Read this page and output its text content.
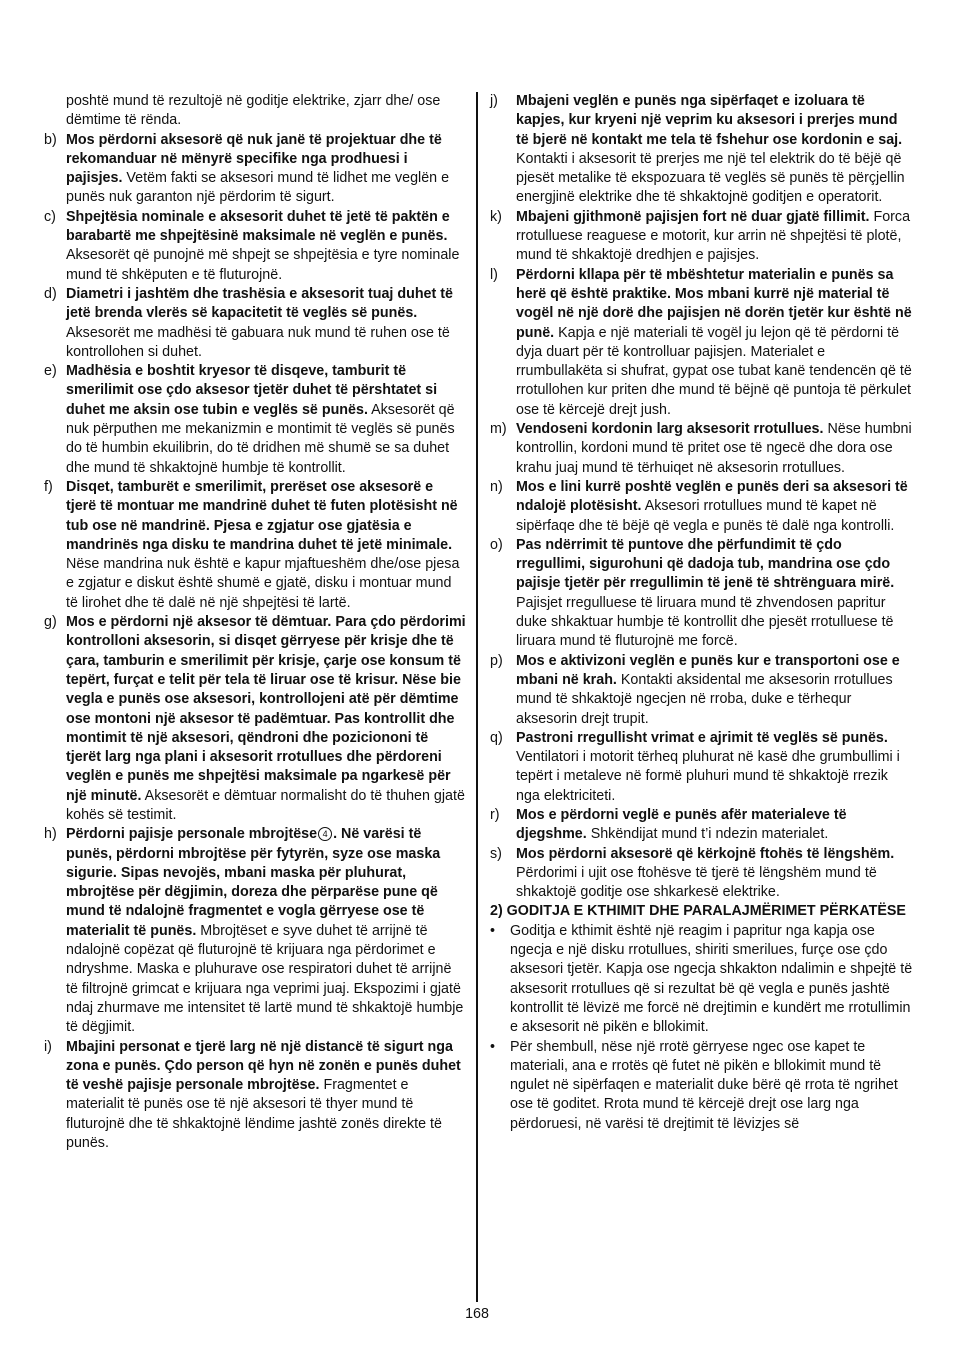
poshtë mund të rezultojë në goditje elektrike, zjarr dhe/ ose dëmtime të rënda.
b) Mos përdorni aksesorë që nuk janë të projektuar dhe të rekomanduar në mënyrë specifike nga prodhuesi i pajisjes. Vetëm fakti se aksesori mund të lidhet me veglën e punës nuk garanton një përdorim të sigurt.
c) Shpejtësia nominale e aksesorit duhet të jetë të paktën e barabartë me shpejtësinë maksimale në veglën e punës. Aksesorët që punojnë më shpejt se shpejtësia e tyre nominale mund të shkëputen e të fluturojnë.
d) Diametri i jashtëm dhe trashësia e aksesorit tuaj duhet të jetë brenda vlerës së kapacitetit të veglës së punës. Aksesorët me madhësi të gabuara nuk mund të ruhen ose të kontrollohen si duhet.
e) Madhësia e boshtit kryesor të disqeve, tamburit të smerilimit ose çdo aksesor tjetër duhet të përshtatet si duhet me aksin ose tubin e veglës së punës. Aksesorët që nuk përputhen me mekanizmin e montimit të veglës së punës do të humbin ekuilibrin, do të dridhen më shumë se sa duhet dhe mund të shkaktojnë humbje të kontrollit.
f) Disqet, tamburët e smerilimit, prerëset ose aksesorë e tjerë të montuar me mandrinë duhet të futen plotësisht në tub ose në mandrinë. Pjesa e zgjatur ose gjatësia e mandrinës nga disku te mandrina duhet të jetë minimale. Nëse mandrina nuk është e kapur mjaftueshëm dhe/ose pjesa e zgjatur e diskut është shumë e gjatë, disku i montuar mund të lirohet dhe të dalë në një shpejtësi të lartë.
g) Mos e përdorni një aksesor të dëmtuar. Para çdo përdorimi kontrolloni aksesorin, si disqet gërryese për krisje dhe të çara, tamburin e smerilimit për krisje, çarje ose konsum të tepërt, furçat e telit për tela të liruar ose të krisur. Nëse bie vegla e punës ose aksesori, kontrollojeni atë për dëmtime ose montoni një aksesor të padëmtuar. Pas kontrollit dhe montimit të një aksesori, qëndroni dhe poziciononi të tjerët larg nga plani i aksesorit rrotullues dhe përdoreni veglën e punës me shpejtësi maksimale pa ngarkesë për një minutë. Aksesorët e dëmtuar normalisht do të thuhen gjatë kohës së testimit.
h) Përdorni pajisje personale mbrojtëse 4 . Në varësi të punës, përdorni mbrojtëse për fytyrën, syze ose maska sigurie. Sipas nevojës, mbani maska për pluhurat, mbrojtëse për dëgjimin, doreza dhe përparëse pune që mund të ndalojnë fragmentet e vogla gërryese ose të materialit të punës. Mbrojtëset e syve duhet të arrijnë të ndalojnë copëzat që fluturojnë të krijuara nga përdorimet e ndryshme. Maska e pluhurave ose respiratori duhet të arrijnë të filtrojnë grimcat e krijuara nga veprimi juaj. Ekspozimi i gjatë ndaj zhurmave me intensitet të lartë mund të shkaktojë humbje të dëgjimit.
i) Mbajini personat e tjerë larg në një distancë të sigurt nga zona e punës. Çdo person që hyn në zonën e punës duhet të veshë pajisje personale mbrojtëse. Fragmentet e materialit të punës ose të një aksesori të thyer mund të fluturojnë dhe të shkaktojnë lëndime jashtë zonës direkte të punës.
j) Mbajeni veglën e punës nga sipërfaqet e izoluara të kapjes, kur kryeni një veprim ku aksesori i prerjes mund të bjerë në kontakt me tela të fshehur ose kordonin e saj. Kontakti i aksesorit të prerjes me një tel elektrik do të bëjë që pjesët metalike të ekspozuara të veglës së punës të përçjellin energjinë elektrike dhe të shkaktojnë goditjen e operatorit.
k) Mbajeni gjithmonë pajisjen fort në duar gjatë fillimit. Forca rrotulluese reaguese e motorit, kur arrin në shpejtësi të plotë, mund të shkaktojë dredhjen e pajisjes.
l) Përdorni kllapa për të mbështetur materialin e punës sa herë që është praktike. Mos mbani kurrë një material të vogël në një dorë dhe pajisjen në dorën tjetër kur është në punë. Kapja e një materiali të vogël ju lejon që të përdorni të dyja duart për të kontrolluar pajisjen. Materialet e rrumbullakëta si shufrat, gypat ose tubat kanë tendencën që të rrotullohen kur priten dhe mund të bëjnë që puntoja të përkulet ose të kërcejë drejt jush.
m) Vendoseni kordonin larg aksesorit rrotullues. Nëse humbni kontrollin, kordoni mund të pritet ose të ngecë dhe dora ose krahu juaj mund të tërhuiqet në aksesorin rrotullues.
n) Mos e lini kurrë poshtë veglën e punës deri sa aksesori të ndalojë plotësisht. Aksesori rrotullues mund të kapet në sipërfaqe dhe të bëjë që vegla e punës të dalë nga kontrolli.
o) Pas ndërrimit të puntove dhe përfundimit të çdo rregullimi, sigurohuni që dadoja tub, mandrina ose çdo pajisje tjetër për rregullimin të jenë të shtrënguara mirë. Pajisjet rregulluese të liruara mund të zhvendosen papritur duke shkaktuar humbje të kontrollit dhe pjesët rrotulluese të liruara mund të fluturojnë me forcë.
p) Mos e aktivizoni veglën e punës kur e transportoni ose e mbani në krah. Kontakti aksidental me aksesorin rrotullues mund të shkaktojë ngecjen në rroba, duke e tërhequr aksesorin drejt trupit.
q) Pastroni rregullisht vrimat e ajrimit të veglës së punës. Ventilatori i motorit tërheq pluhurat në kasë dhe grumbullimi i tepërt i metaleve në formë pluhuri mund të shkaktojë rrezik nga elektriciteti.
r) Mos e përdorni veglë e punës afër materialeve të djegshme. Shkëndijat mund t’i ndezin materialet.
s) Mos përdorni aksesorë që kërkojnë ftohës të lëngshëm. Përdorimi i ujit ose ftohësve të tjerë të lëngshëm mund të shkaktojë goditje ose shkarkesë elektrike.
2) GODITJA E KTHIMIT DHE PARALAJMËRIMET PËRKATËSE
• Goditja e kthimit është një reagim i papritur nga kapja ose ngecja e një disku rrotullues, shiriti smerilues, furçe ose çdo aksesori tjetër. Kapja ose ngecja shkakton ndalimin e shpejtë të aksesorit rrotullues që si rezultat bë që vegla e punës jashtë kontrollit të lëvizë me forcë në drejtimin e kundërt me rrotullimin e aksesorit në pikën e bllokimit.
• Për shembull, nëse një rrotë gërryese ngec ose kapet te materiali, ana e rrotës që futet në pikën e bllokimit mund të ngulet në sipërfaqen e materialit duke bërë që rrota të ngrihet ose të goditet. Rrota mund të kërcejë drejt ose larg nga përdoruesi, në varësi të drejtimit të lëvizjes së
168
